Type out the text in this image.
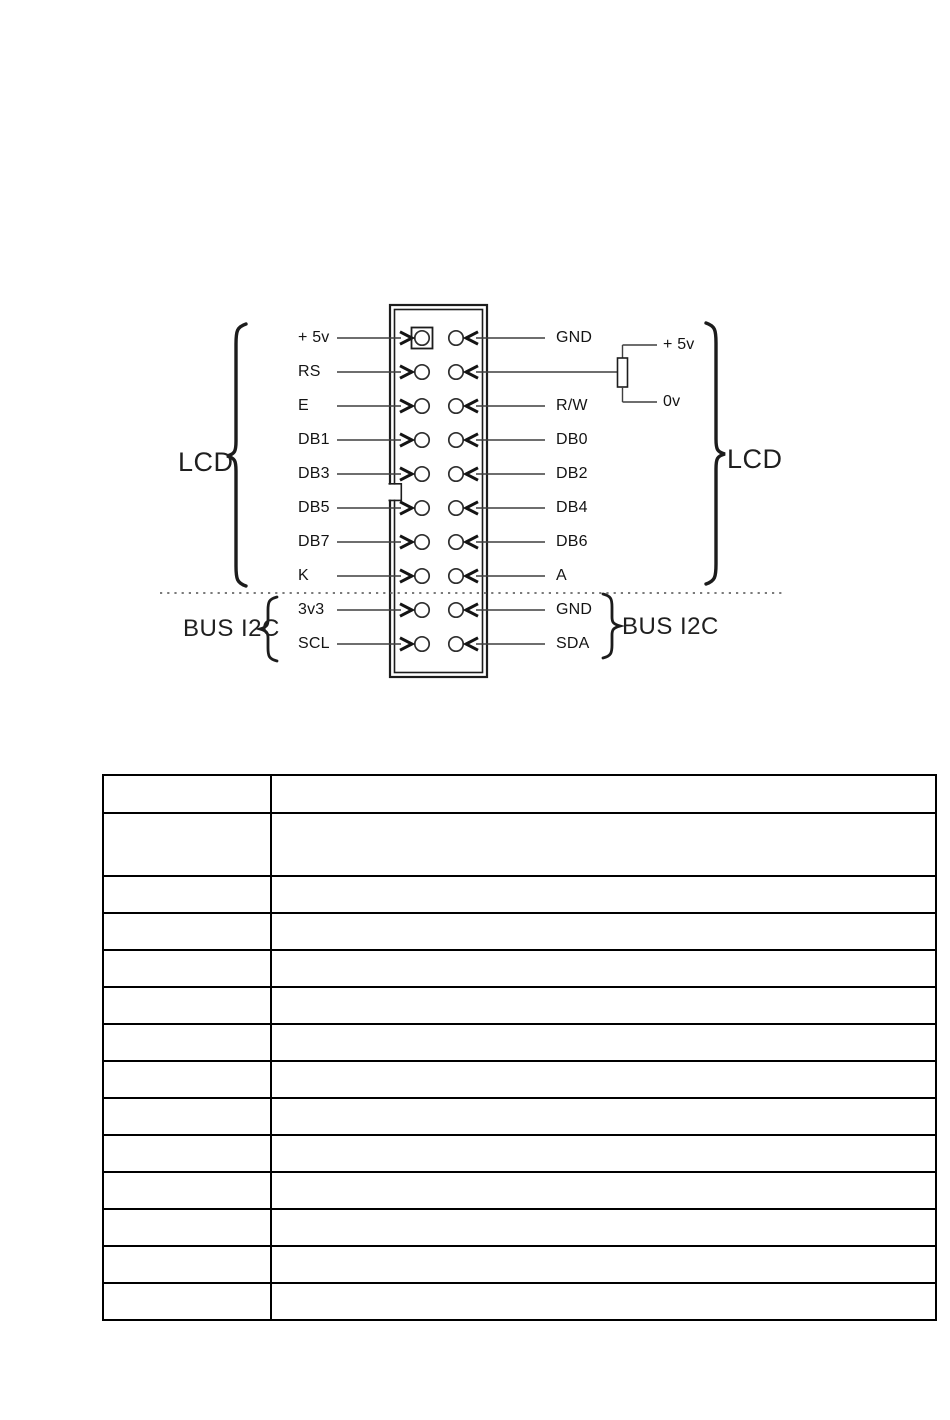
+ 5v	GND
RS
E	R/W
DB1	DB0
DB3	DB2
DB5	DB4
DB7	DB6
K	A
3v3	GND
SCL	SDA
LCD	LCD
BUS I2C	BUS I2C
+ 5v
0v
